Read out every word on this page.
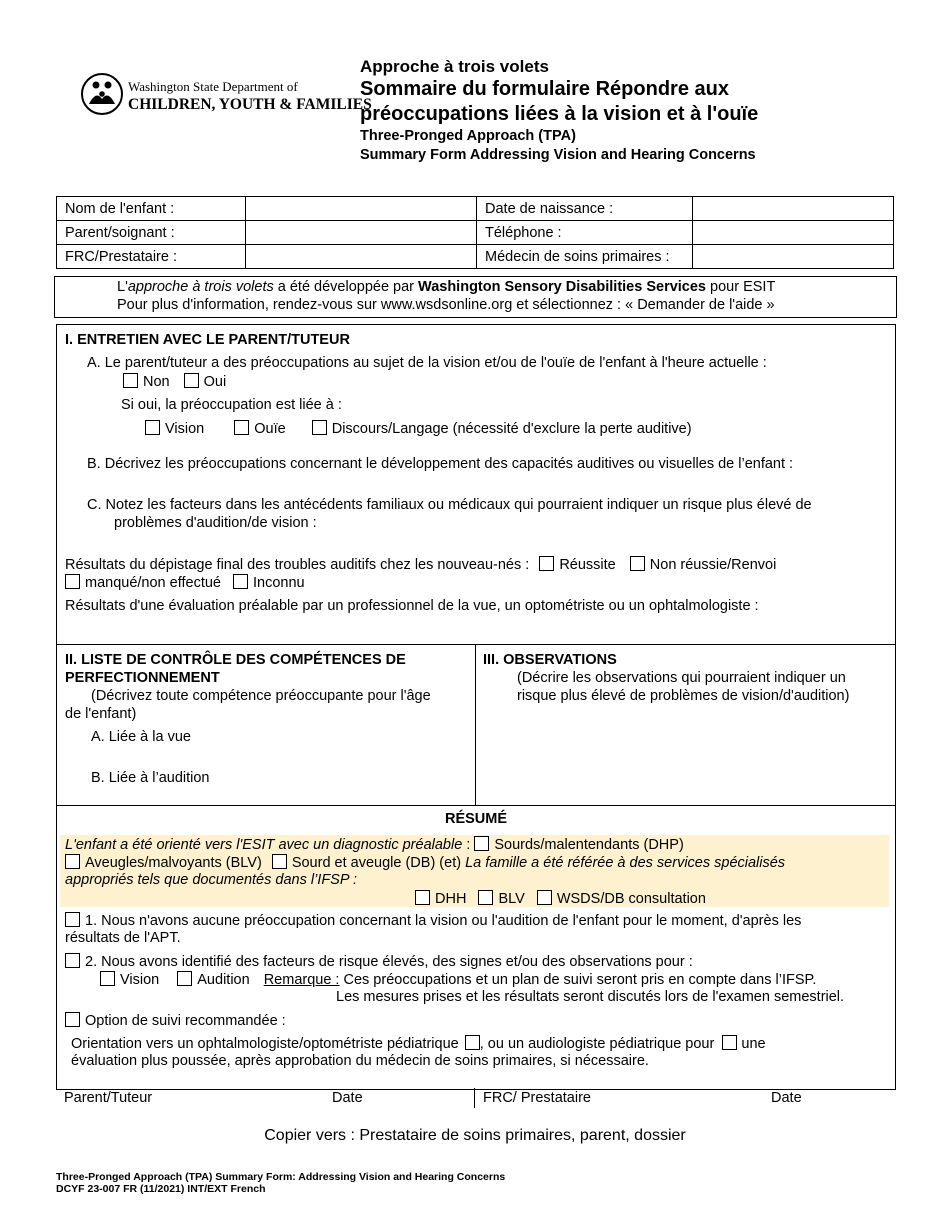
Washington State Department of
CHILDREN, YOUTH & FAMILIES
Approche à trois volets
Sommaire du formulaire Répondre aux
préoccupations liées à la vision et à l'ouïe
Three-Pronged Approach (TPA)
Summary Form Addressing Vision and Hearing Concerns
Nom de l'enfant :		Date de naissance :	
Parent/soignant :		Téléphone :	
FRC/Prestataire :		Médecin de soins primaires :	
L'approche à trois volets a été développée par Washington Sensory Disabilities Services pour ESIT
Pour plus d'information, rendez-vous sur www.wsdsonline.org et sélectionnez : « Demander de l'aide »
I. ENTRETIEN AVEC LE PARENT/TUTEUR
A. Le parent/tuteur a des préoccupations au sujet de la vision et/ou de l'ouïe de l'enfant à l'heure actuelle :
Non Oui
Si oui, la préoccupation est liée à :
Vision	Ouïe	Discours/Langage (nécessité d'exclure la perte auditive)
B. Décrivez les préoccupations concernant le développement des capacités auditives ou visuelles de l’enfant :
C. Notez les facteurs dans les antécédents familiaux ou médicaux qui pourraient indiquer un risque plus élevé de
problèmes d'audition/de vision :
Résultats du dépistage final des troubles auditifs chez les nouveau-nés : Réussite Non réussie/Renvoi
manqué/non effectué Inconnu
Résultats d'une évaluation préalable par un professionnel de la vue, un optométriste ou un ophtalmologiste :
II. LISTE DE CONTRÔLE DES COMPÉTENCES DE
PERFECTIONNEMENT
(Décrivez toute compétence préoccupante pour l'âge
de l'enfant)
A. Liée à la vue
B. Liée à l’audition
III. OBSERVATIONS
(Décrire les observations qui pourraient indiquer un
risque plus élevé de problèmes de vision/d'audition)
RÉSUMÉ
L'enfant a été orienté vers l'ESIT avec un diagnostic préalable : Sourds/malentendants (DHP)
Aveugles/malvoyants (BLV) Sourd et aveugle (DB) (et) La famille a été référée à des services spécialisés
appropriés tels que documentés dans l’IFSP :
DHH BLV WSDS/DB consultation
1. Nous n'avons aucune préoccupation concernant la vision ou l'audition de l'enfant pour le moment, d'après les
résultats de l'APT.
2. Nous avons identifié des facteurs de risque élevés, des signes et/ou des observations pour :
Vision	Audition Remarque : Ces préoccupations et un plan de suivi seront pris en compte dans l’IFSP.
Les mesures prises et les résultats seront discutés lors de l'examen semestriel.
Option de suivi recommandée :
Orientation vers un ophtalmologiste/optométriste pédiatrique , ou un audiologiste pédiatrique pour  une
évaluation plus poussée, après approbation du médecin de soins primaires, si nécessaire.
Parent/Tuteur	Date	FRC/ Prestataire	Date
Copier vers : Prestataire de soins primaires, parent, dossier
Three-Pronged Approach (TPA) Summary Form: Addressing Vision and Hearing Concerns
DCYF 23-007 FR (11/2021) INT/EXT French
